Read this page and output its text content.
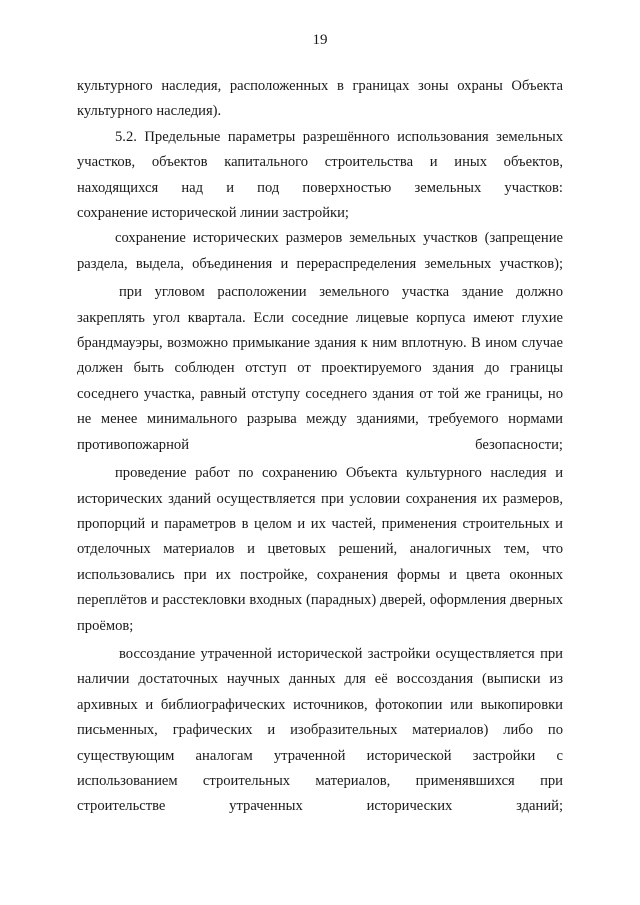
19

культурного наследия, расположенных в границах зоны охраны Объекта культурного наследия).

5.2. Предельные параметры разрешённого использования земельных участков, объектов капитального строительства и иных объектов, находящихся над и под поверхностью земельных участков:

сохранение исторической линии застройки;

сохранение исторических размеров земельных участков (запрещение раздела, выдела, объединения и перераспределения земельных участков);

при угловом расположении земельного участка здание должно закреплять угол квартала. Если соседние лицевые корпуса имеют глухие брандмауэры, возможно примыкание здания к ним вплотную. В ином случае должен быть соблюден отступ от проектируемого здания до границы соседнего участка, равный отступу соседнего здания от той же границы, но не менее минимального разрыва между зданиями, требуемого нормами противопожарной безопасности;

проведение работ по сохранению Объекта культурного наследия и исторических зданий осуществляется при условии сохранения их размеров, пропорций и параметров в целом и их частей, применения строительных и отделочных материалов и цветовых решений, аналогичных тем, что использовались при их постройке, сохранения формы и цвета оконных переплётов и расстекловки входных (парадных) дверей, оформления дверных проёмов;

воссоздание утраченной исторической застройки осуществляется при наличии достаточных научных данных для её воссоздания (выписки из архивных и библиографических источников, фотокопии или выкопировки письменных, графических и изобразительных материалов) либо по существующим аналогам утраченной исторической застройки с использованием строительных материалов, применявшихся при строительстве утраченных исторических зданий;
